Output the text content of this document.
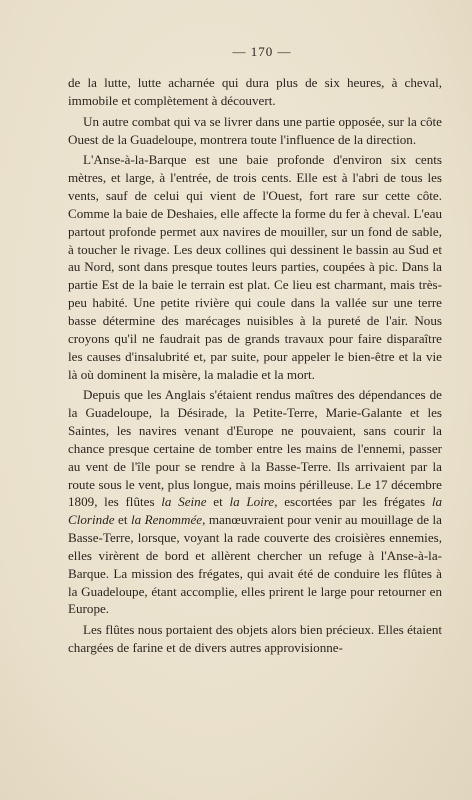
— 170 —

de la lutte, lutte acharnée qui dura plus de six heures, à cheval, immobile et complètement à découvert.

Un autre combat qui va se livrer dans une partie opposée, sur la côte Ouest de la Guadeloupe, montrera toute l'influence de la direction.

L'Anse-à-la-Barque est une baie profonde d'environ six cents mètres, et large, à l'entrée, de trois cents. Elle est à l'abri de tous les vents, sauf de celui qui vient de l'Ouest, fort rare sur cette côte. Comme la baie de Deshaies, elle affecte la forme du fer à cheval. L'eau partout profonde permet aux navires de mouiller, sur un fond de sable, à toucher le rivage. Les deux collines qui dessinent le bassin au Sud et au Nord, sont dans presque toutes leurs parties, coupées à pic. Dans la partie Est de la baie le terrain est plat. Ce lieu est charmant, mais très-peu habité. Une petite rivière qui coule dans la vallée sur une terre basse détermine des marécages nuisibles à la pureté de l'air. Nous croyons qu'il ne faudrait pas de grands travaux pour faire disparaître les causes d'insalubrité et, par suite, pour appeler le bien-être et la vie là où dominent la misère, la maladie et la mort.

Depuis que les Anglais s'étaient rendus maîtres des dépendances de la Guadeloupe, la Désirade, la Petite-Terre, Marie-Galante et les Saintes, les navires venant d'Europe ne pouvaient, sans courir la chance presque certaine de tomber entre les mains de l'ennemi, passer au vent de l'île pour se rendre à la Basse-Terre. Ils arrivaient par la route sous le vent, plus longue, mais moins périlleuse. Le 17 décembre 1809, les flûtes la Seine et la Loire, escortées par les frégates la Clorinde et la Renommée, manœuvraient pour venir au mouillage de la Basse-Terre, lorsque, voyant la rade couverte des croisières ennemies, elles virèrent de bord et allèrent chercher un refuge à l'Anse-à-la-Barque. La mission des frégates, qui avait été de conduire les flûtes à la Guadeloupe, étant accomplie, elles prirent le large pour retourner en Europe.

Les flûtes nous portaient des objets alors bien précieux. Elles étaient chargées de farine et de divers autres approvisionne-
